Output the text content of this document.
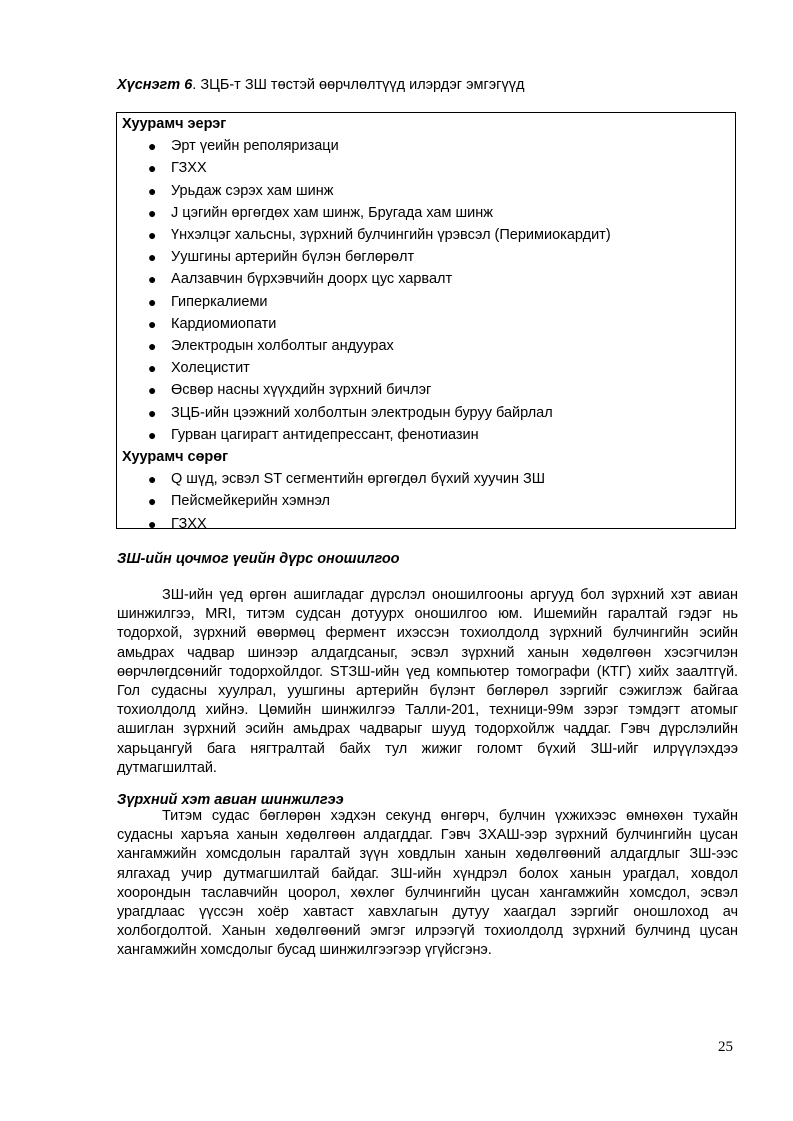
Хүснэгт 6. ЗЦБ-т ЗШ төстэй өөрчлөлтүүд илэрдэг эмгэгүүд
Хуурамч эерэг
● Эрт үеийн реполяризаци
● ГЗХХ
● Урьдаж сэрэх хам шинж
● J цэгийн өргөгдөх хам шинж, Бругада хам шинж
● Үнхэлцэг хальсны, зүрхний булчингийн үрэвсэл (Перимиокардит)
● Уушгины артерийн бүлэн бөглөрөлт
● Аалзавчин бүрхэвчийн доорх цус харвалт
● Гиперкалиеми
● Кардиомиопати
● Электродын холболтыг андуурах
● Холецистит
● Өсвөр насны хүүхдийн зүрхний бичлэг
● ЗЦБ-ийн цээжний холболтын электродын буруу байрлал
● Гурван цагирагт антидепрессант, фенотиазин
Хуурамч сөрөг
● Q шүд, эсвэл ST сегментийн өргөгдөл бүхий хуучин ЗШ
● Пейсмейкерийн хэмнэл
● ГЗХХ
ЗШ-ийн цочмог үеийн дүрс оношилгоо

ЗШ-ийн үед өргөн ашигладаг дүрслэл оношилгооны аргууд бол зүрхний хэт авиан шинжилгээ, MRI, титэм судсан дотуурх оношилгоо юм. Ишемийн гаралтай гэдэг нь тодорхой, зүрхний өвөрмөц фермент ихэссэн тохиолдолд зүрхний булчингийн эсийн амьдрах чадвар шинээр алдагдсаныг, эсвэл зүрхний ханын хөдөлгөөн хэсэгчилэн өөрчлөгдсөнийг тодорхойлдог. STЗШ-ийн үед компьютер томографи (КТГ) хийх заалтгүй. Гол судасны хуулрал, уушгины артерийн бүлэнт бөглөрөл зэргийг сэжиглэж байгаа тохиолдолд хийнэ. Цөмийн шинжилгээ Талли-201, техници-99м зэрэг тэмдэгт атомыг ашиглан зүрхний эсийн амьдрах чадварыг шууд тодорхойлж чаддаг. Гэвч дүрслэлийн харьцангуй бага нягтралтай байх тул жижиг голомт бүхий ЗШ-ийг илрүүлэхдээ дутмагшилтай.

Зүрхний хэт авиан шинжилгээ

Титэм судас бөглөрөн хэдхэн секунд өнгөрч, булчин үхжихээс өмнөхөн тухайн судасны харъяа ханын хөдөлгөөн алдагддаг. Гэвч ЗХАШ-ээр зүрхний булчингийн цусан хангамжийн хомсдолын гаралтай зүүн ховдлын ханын хөдөлгөөний алдагдлыг ЗШ-ээс ялгахад учир дутмагшилтай байдаг. ЗШ-ийн хүндрэл болох ханын урагдал, ховдол хоорондын таславчийн цоорол, хөхлөг булчингийн цусан хангамжийн хомсдол, эсвэл урагдлаас үүссэн хоёр хавтаст хавхлагын дутуу хаагдал зэргийг оношлоход ач холбогдолтой. Ханын хөдөлгөөний эмгэг илрээгүй тохиолдолд зүрхний булчинд цусан хангамжийн хомсдолыг бусад шинжилгээгээр үгүйсгэнэ.

25
